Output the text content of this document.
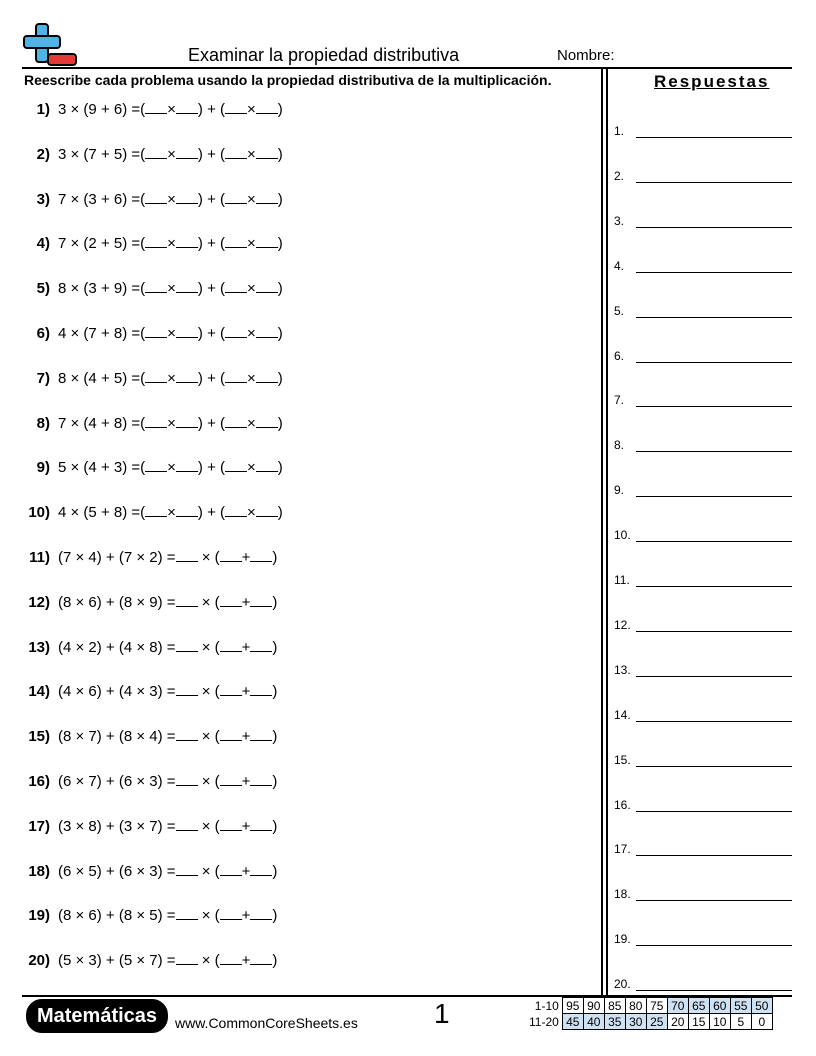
Examinar la propiedad distributiva	Nombre:
Reescribe cada problema usando la propiedad distributiva de la multiplicación.	Respuestas
1) 3 × (9 + 6) =( × ) + ( × )
2) 3 × (7 + 5) =( × ) + ( × )
3) 7 × (3 + 6) =( × ) + ( × )
4) 7 × (2 + 5) =( × ) + ( × )
5) 8 × (3 + 9) =( × ) + ( × )
6) 4 × (7 + 8) =( × ) + ( × )
7) 8 × (4 + 5) =( × ) + ( × )
8) 7 × (4 + 8) =( × ) + ( × )
9) 5 × (4 + 3) =( × ) + ( × )
10) 4 × (5 + 8) =( × ) + ( × )
11) (7 × 4) + (7 × 2) = × ( + )
12) (8 × 6) + (8 × 9) = × ( + )
13) (4 × 2) + (4 × 8) = × ( + )
14) (4 × 6) + (4 × 3) = × ( + )
15) (8 × 7) + (8 × 4) = × ( + )
16) (6 × 7) + (6 × 3) = × ( + )
17) (3 × 8) + (3 × 7) = × ( + )
18) (6 × 5) + (6 × 3) = × ( + )
19) (8 × 6) + (8 × 5) = × ( + )
20) (5 × 3) + (5 × 7) = × ( + )
1.
2.
3.
4.
5.
6.
7.
8.
9.
10.
11.
12.
13.
14.
15.
16.
17.
18.
19.
20.
Matemáticas	www.CommonCoreSheets.es	1	1-10	95	90	85	80	75	70	65	60	55	50
11-20	45	40	35	30	25	20	15	10	5	0
